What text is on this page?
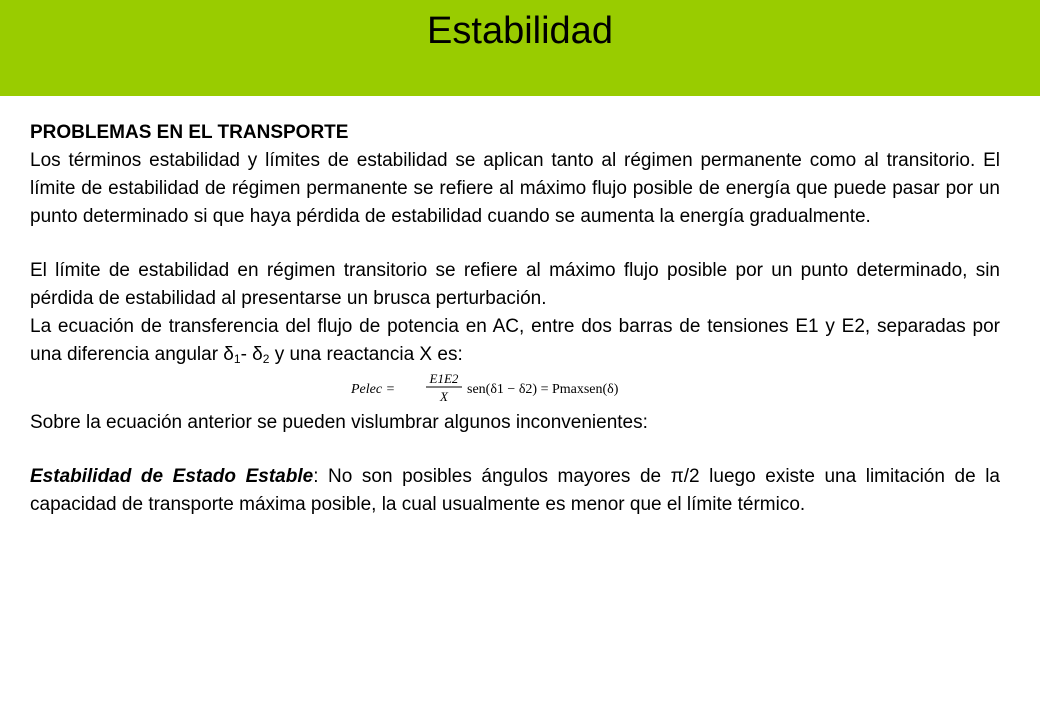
Estabilidad
PROBLEMAS EN EL TRANSPORTE

Los términos estabilidad y límites de estabilidad se aplican tanto al régimen permanente como al transitorio. El límite de estabilidad de régimen permanente se refiere al máximo flujo posible de energía que puede pasar por un punto determinado si que haya pérdida de estabilidad cuando se aumenta la energía gradualmente.

El límite de estabilidad en régimen transitorio se refiere al máximo flujo posible por un punto determinado, sin pérdida de estabilidad al presentarse un brusca perturbación.

La ecuación de transferencia del flujo de potencia en AC, entre dos barras de tensiones E1 y E2, separadas por una diferencia angular $\delta_1-$ $\delta_2$ y una reactancia X es:

Pelec =
E1E2
X sen(δ1 − δ2) = Pmaxsen(δ)

Sobre la ecuación anterior se pueden vislumbrar algunos inconvenientes:

Estabilidad de Estado Estable: No son posibles ángulos mayores de π/2 luego existe una limitación de la capacidad de transporte máxima posible, la cual usualmente es menor que el límite térmico.
